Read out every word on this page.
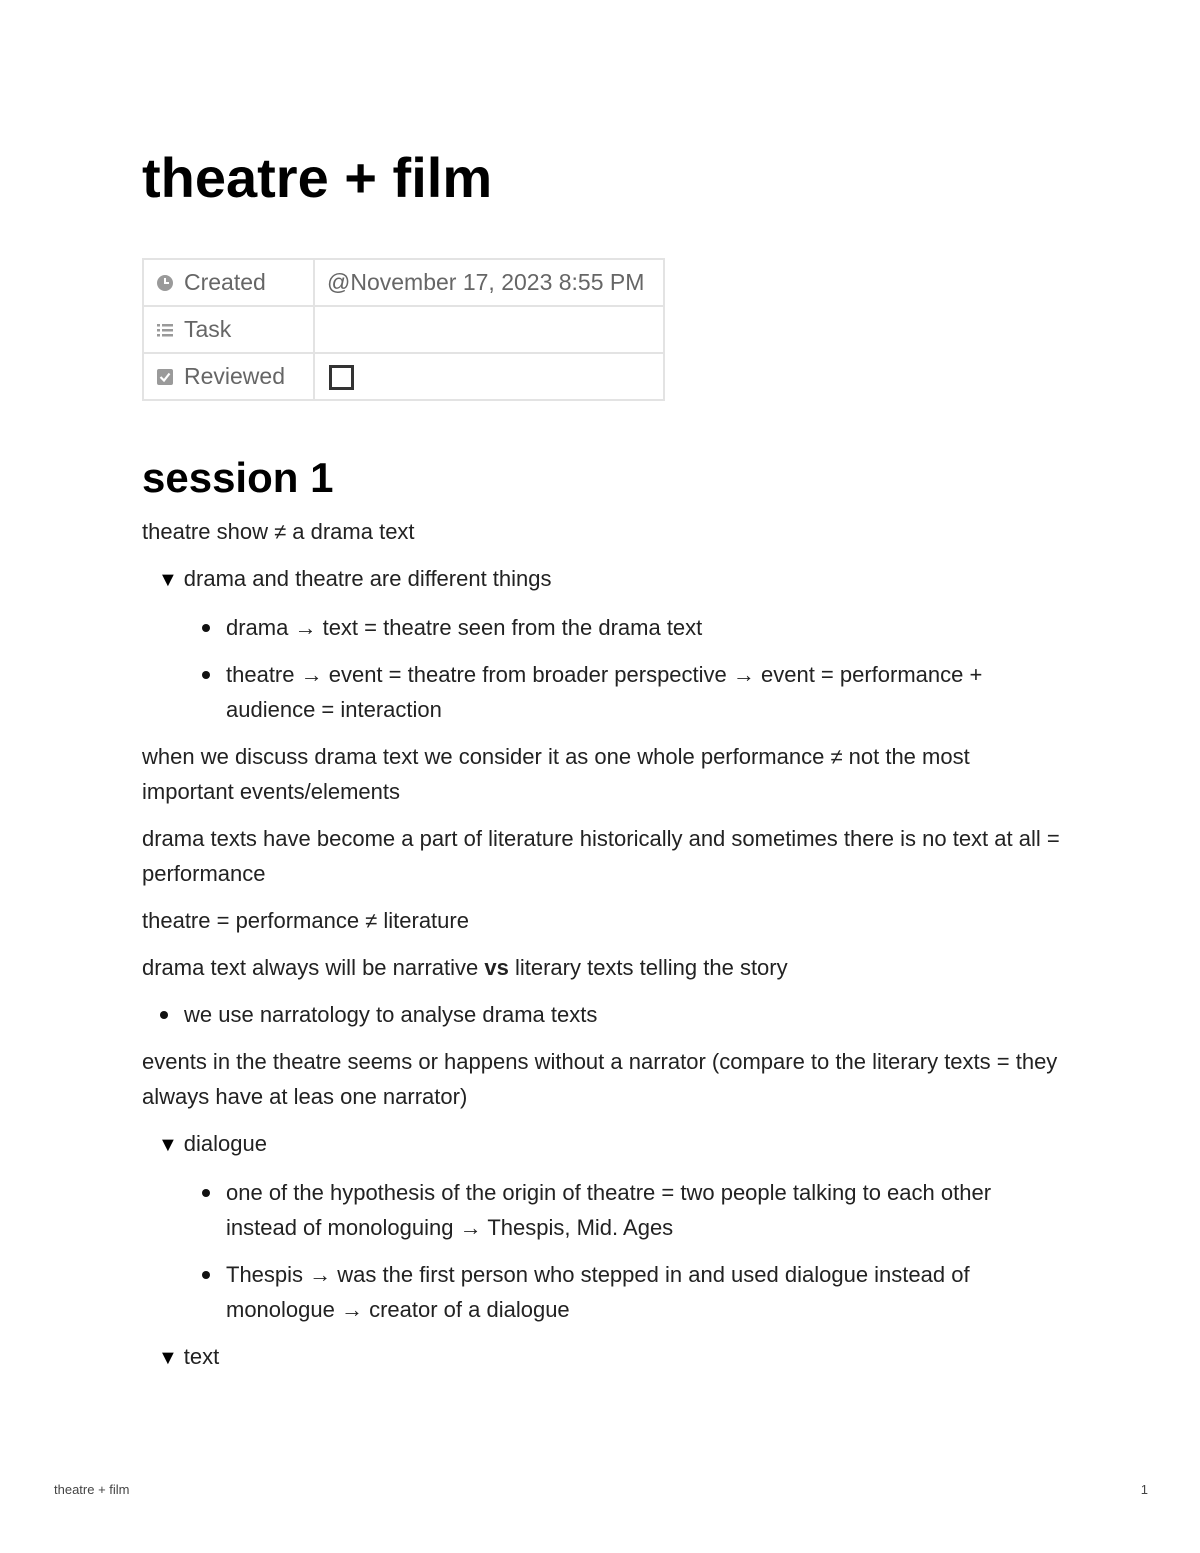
theatre + film
Created	@November 17, 2023 8:55 PM
Task	
Reviewed	
session 1

theatre show ≠ a drama text

▼ drama and theatre are different things
drama → text = theatre seen from the drama text
theatre → event = theatre from broader perspective → event = performance + audience = interaction

when we discuss drama text we consider it as one whole performance ≠ not the most important events/elements

drama texts have become a part of literature historically and sometimes there is no text at all = performance

theatre = performance ≠ literature

drama text always will be narrative vs literary texts telling the story

we use narratology to analyse drama texts

events in the theatre seems or happens without a narrator (compare to the literary texts = they always have at leas one narrator)

▼ dialogue
one of the hypothesis of the origin of theatre = two people talking to each other instead of monologuing → Thespis, Mid. Ages
Thespis → was the first person who stepped in and used dialogue instead of monologue → creator of a dialogue
▼ text
theatre + film	1
